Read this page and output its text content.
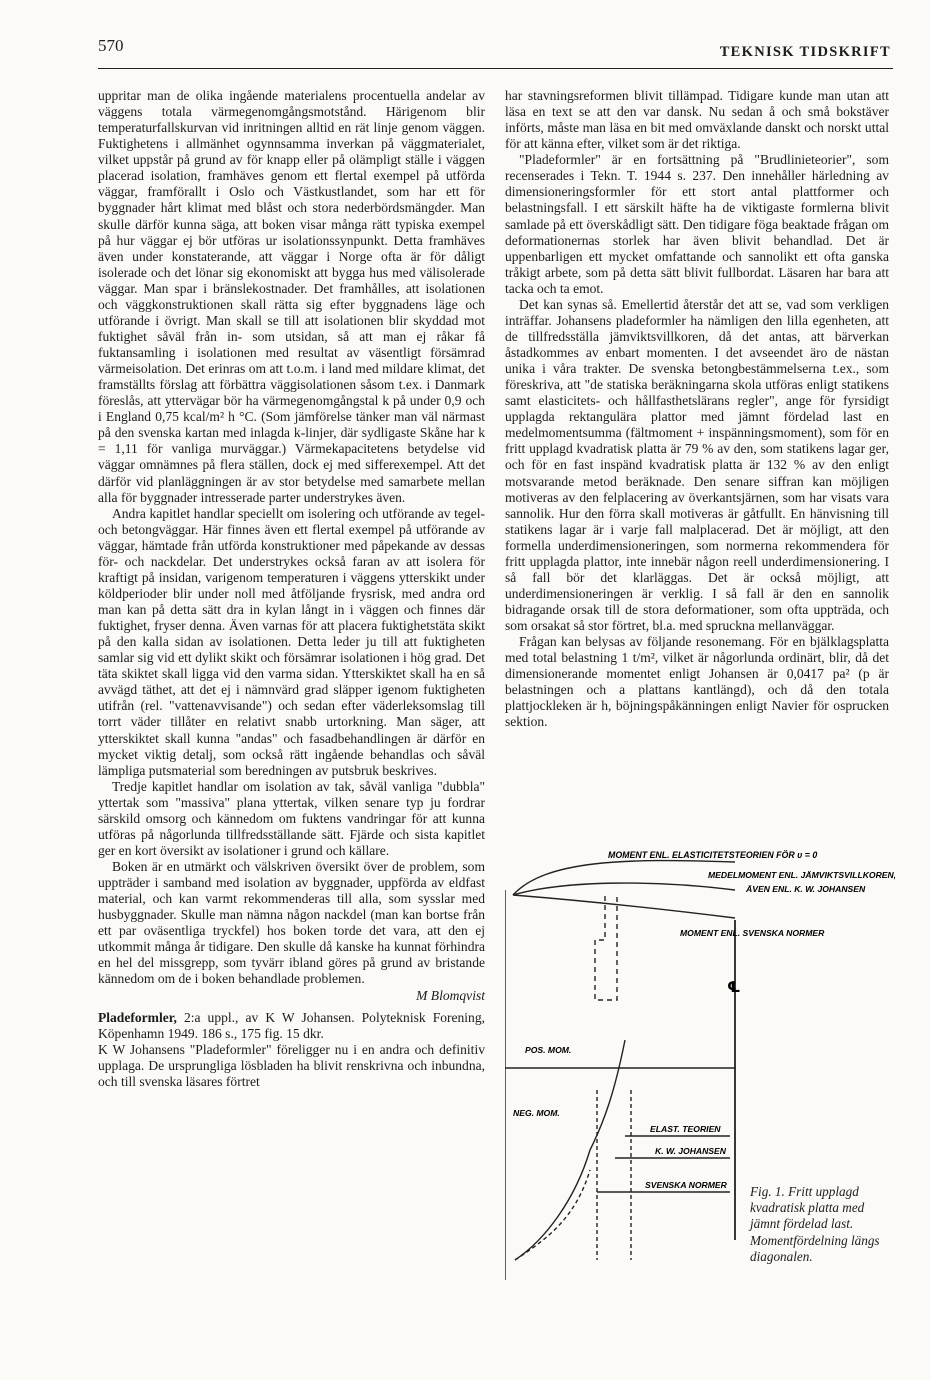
570	TEKNISK TIDSKRIFT

uppritar man de olika ingående materialens procentuella andelar av väggens totala värmegenomgångsmotstånd. Härigenom blir temperaturfallskurvan vid inritningen alltid en rät linje genom väggen. Fuktighetens i allmänhet ogynnsamma inverkan på väggmaterialet, vilket uppstår på grund av för knapp eller på olämpligt ställe i väggen placerad isolation, framhäves genom ett flertal exempel på utförda väggar, framförallt i Oslo och Västkustlandet, som har ett för byggnader hårt klimat med blåst och stora nederbördsmängder. Man skulle därför kunna säga, att boken visar många rätt typiska exempel på hur väggar ej bör utföras ur isolationssynpunkt. Detta framhäves även under konstaterande, att väggar i Norge ofta är för dåligt isolerade och det lönar sig ekonomiskt att bygga hus med välisolerade väggar. Man spar i bränslekostnader. Det framhålles, att isolationen och väggkonstruktionen skall rätta sig efter byggnadens läge och utförande i övrigt. Man skall se till att isolationen blir skyddad mot fuktighet såväl från in- som utsidan, så att man ej råkar få fuktansamling i isolationen med resultat av väsentligt försämrad värmeisolation. Det erinras om att t.o.m. i land med mildare klimat, det framställts förslag att förbättra väggisolationen såsom t.ex. i Danmark föreslås, att yttervägar bör ha värmegenomgångstal k på under 0,9 och i England 0,75 kcal/m² h °C. (Som jämförelse tänker man väl närmast på den svenska kartan med inlagda k-linjer, där sydligaste Skåne har k = 1,11 för vanliga murväggar.) Värmekapacitetens betydelse vid väggar omnämnes på flera ställen, dock ej med sifferexempel. Att det därför vid planläggningen är av stor betydelse med samarbete mellan alla för byggnader intresserade parter understrykes även.

Andra kapitlet handlar speciellt om isolering och utförande av tegel- och betongväggar. Här finnes även ett flertal exempel på utförande av väggar, hämtade från utförda konstruktioner med påpekande av dessas för- och nackdelar. Det understrykes också faran av att isolera för kraftigt på insidan, varigenom temperaturen i väggens ytterskikt under köldperioder blir under noll med åtföljande frysrisk, med andra ord man kan på detta sätt dra in kylan långt in i väggen och finnes där fuktighet, fryser denna. Även varnas för att placera fuktighetstäta skikt på den kalla sidan av isolationen. Detta leder ju till att fuktigheten samlar sig vid ett dylikt skikt och försämrar isolationen i hög grad. Det täta skiktet skall ligga vid den varma sidan. Ytterskiktet skall ha en så avvägd täthet, att det ej i nämnvärd grad släpper igenom fuktigheten utifrån (rel. "vattenavvisande") och sedan efter väderleksomslag till torrt väder tillåter en relativt snabb urtorkning. Man säger, att ytterskiktet skall kunna "andas" och fasadbehandlingen är därför en mycket viktig detalj, som också rätt ingående behandlas och såväl lämpliga putsmaterial som beredningen av putsbruk beskrives.

Tredje kapitlet handlar om isolation av tak, såväl vanliga "dubbla" yttertak som "massiva" plana yttertak, vilken senare typ ju fordrar särskild omsorg och kännedom om fuktens vandringar för att kunna utföras på någorlunda tillfredsställande sätt. Fjärde och sista kapitlet ger en kort översikt av isolationer i grund och källare.

Boken är en utmärkt och välskriven översikt över de problem, som uppträder i samband med isolation av byggnader, uppförda av eldfast material, och kan varmt rekommenderas till alla, som sysslar med husbyggnader. Skulle man nämna någon nackdel (man kan bortse från ett par oväsentliga tryckfel) hos boken torde det vara, att den ej utkommit många år tidigare. Den skulle då kanske ha kunnat förhindra en hel del missgrepp, som tyvärr ibland göres på grund av bristande kännedom om de i boken behandlade problemen.

M Blomqvist

Pladeformler, 2:a uppl., av K W Johansen. Polyteknisk Forening, Köpenhamn 1949. 186 s., 175 fig. 15 dkr.

K W Johansens "Pladeformler" föreligger nu i en andra och definitiv upplaga. De ursprungliga lösbladen ha blivit renskrivna och inbundna, och till svenska läsares förtret

har stavningsreformen blivit tillämpad. Tidigare kunde man utan att läsa en text se att den var dansk. Nu sedan å och små bokstäver införts, måste man läsa en bit med omväxlande danskt och norskt uttal för att känna efter, vilket som är det riktiga.

"Pladeformler" är en fortsättning på "Brudlinieteorier", som recenserades i Tekn. T. 1944 s. 237. Den innehåller härledning av dimensioneringsformler för ett stort antal plattformer och belastningsfall. I ett särskilt häfte ha de viktigaste formlerna blivit samlade på ett överskådligt sätt. Den tidigare föga beaktade frågan om deformationernas storlek har även blivit behandlad. Det är uppenbarligen ett mycket omfattande och sannolikt ett ofta ganska tråkigt arbete, som på detta sätt blivit fullbordat. Läsaren har bara att tacka och ta emot.

Det kan synas så. Emellertid återstår det att se, vad som verkligen inträffar. Johansens pladeformler ha nämligen den lilla egenheten, att de tillfredsställa jämviktsvillkoren, då det antas, att bärverkan åstadkommes av enbart momenten. I det avseendet äro de nästan unika i våra trakter. De svenska betongbestämmelserna t.ex., som föreskriva, att "de statiska beräkningarna skola utföras enligt statikens samt elasticitets- och hållfasthetslärans regler", ange för fyrsidigt upplagda rektangulära plattor med jämnt fördelad last en medelmomentsumma (fältmoment + inspänningsmoment), som för en fritt upplagd kvadratisk platta är 79 % av den, som statikens lagar ger, och för en fast inspänd kvadratisk platta är 132 % av den enligt motsvarande metod beräknade. Den senare siffran kan möjligen motiveras av den felplacering av överkantsjärnen, som har visats vara sannolik. Hur den förra skall motiveras är gåtfullt. En hänvisning till statikens lagar är i varje fall malplacerad. Det är möjligt, att den formella underdimensioneringen, som normerna rekommendera för fritt upplagda plattor, inte innebär någon reell underdimensionering. I så fall bör det klarläggas. Det är också möjligt, att underdimensioneringen är verklig. I så fall är den en sannolik bidragande orsak till de stora deformationer, som ofta uppträda, och som orsakat så stor förtret, bl.a. med spruckna mellanväggar.

Frågan kan belysas av följande resonemang. För en bjälklagsplatta med total belastning 1 t/m², vilket är någorlunda ordinärt, blir, då det dimensionerande momentet enligt Johansen är 0,0417 pa² (p är belastningen och a plattans kantlängd), och då den totala plattjockleken är h, böjningspåkänningen enligt Navier för osprucken sektion.

MOMENT ENL. ELASTICITETSTEORIEN FÖR υ = 0
MEDELMOMENT ENL. JÄMVIKTSVILLKOREN,
ÄVEN ENL. K. W. JOHANSEN
MOMENT ENL. SVENSKA NORMER
POS. MOM.
NEG. MOM.
ELAST. TEORIEN
K. W. JOHANSEN
SVENSKA NORMER
℄
Fig. 1. Fritt upplagd kvadratisk platta med jämnt fördelad last. Momentfördelning längs diagonalen.
